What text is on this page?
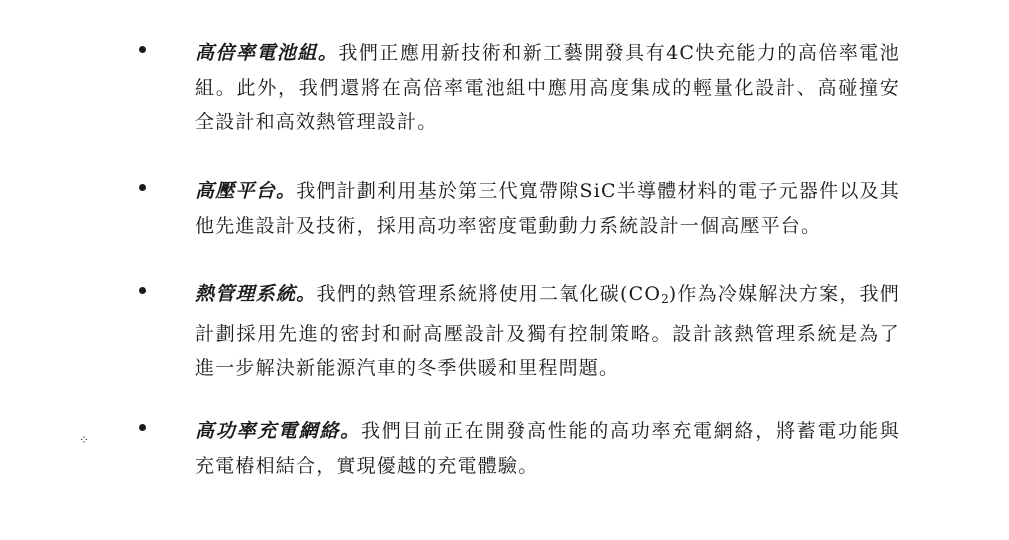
高倍率電池組。我們正應用新技術和新工藝開發具有4C快充能力的高倍率電池組。此外，我們還將在高倍率電池組中應用高度集成的輕量化設計、高碰撞安全設計和高效熱管理設計。

高壓平台。我們計劃利用基於第三代寬帶隙SiC半導體材料的電子元器件以及其他先進設計及技術，採用高功率密度電動動力系統設計一個高壓平台。

熱管理系統。我們的熱管理系統將使用二氧化碳$(CO_2)$作為冷媒解決方案，我們計劃採用先進的密封和耐高壓設計及獨有控制策略。設計該熱管理系統是為了進一步解決新能源汽車的冬季供暖和里程問題。

高功率充電網絡。我們目前正在開發高性能的高功率充電網絡，將蓄電功能與充電樁相結合，實現優越的充電體驗。

⁘
